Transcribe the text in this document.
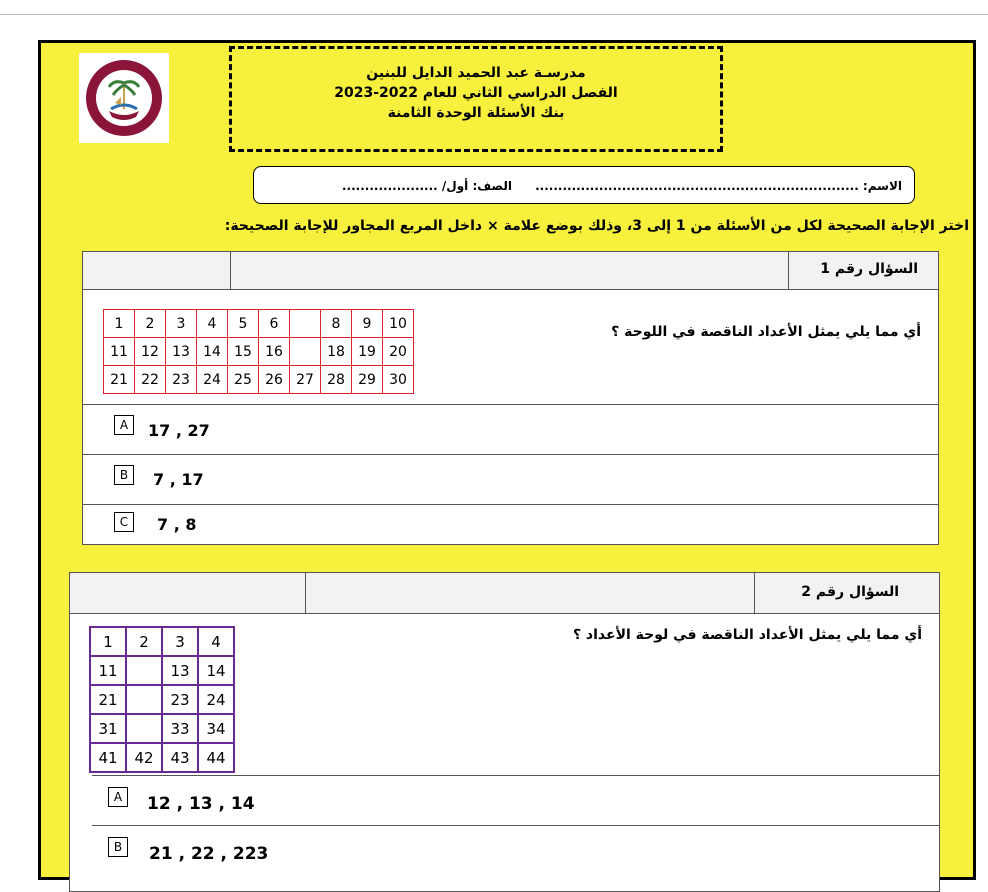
مدرسـة عبد الحميد الدايل للبنين
الفصل الدراسي الثاني للعام 2022-2023
بنك الأسئلة الوحدة الثامنة
الاسم: .......................................................................
الصف: أول/ .....................
اختر الإجابة الصحيحة لكل من الأسئلة من 1 إلى 3، وذلك بوضع علامة × داخل المربع المجاور للإجابة الصحيحة:
السؤال رقم 1
أي مما يلي يمثل الأعداد الناقصة في اللوحة ؟
1	2	3	4	5	6		8	9	10
11	12	13	14	15	16		18	19	20
21	22	23	24	25	26	27	28	29	30
A	17 , 27
B	7 , 17
C	7 , 8
السؤال رقم 2
أي مما يلي يمثل الأعداد الناقصة في لوحة الأعداد ؟
1	2	3	4
11		13	14
21		23	24
31		33	34
41	42	43	44
A	12 , 13 , 14
B	21 , 22 , 223
